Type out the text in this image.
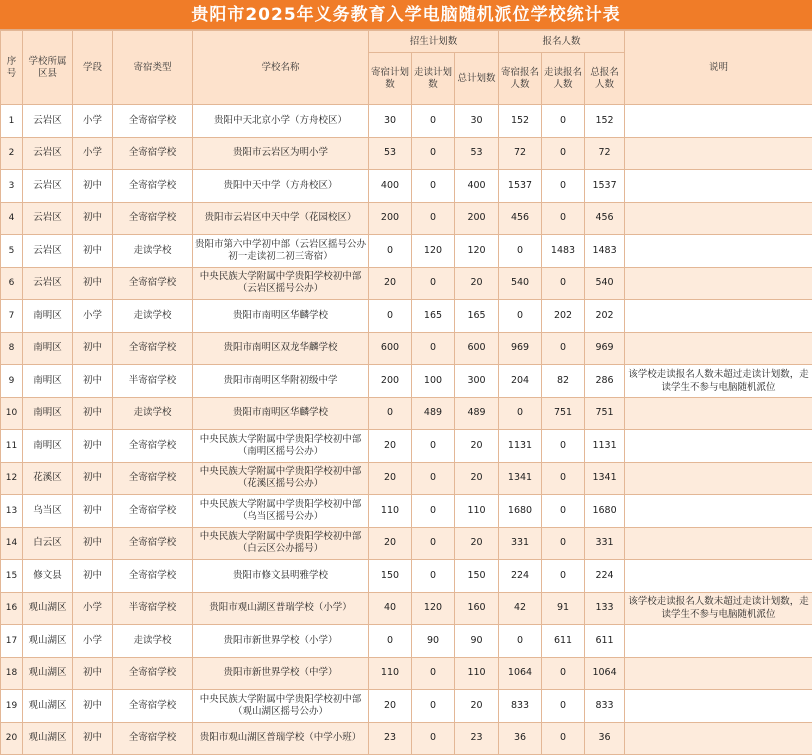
贵阳市2025年义务教育入学电脑随机派位学校统计表
序号	学校所属区县	学段	寄宿类型	学校名称	招生计划数			报名人数			说明
					寄宿计划数	走读计划数	总计划数	寄宿报名人数	走读报名人数	总报名人数	
1	云岩区	小学	全寄宿学校	贵阳中天北京小学（方舟校区）	30	0	30	152	0	152	
2	云岩区	小学	全寄宿学校	贵阳市云岩区为明小学	53	0	53	72	0	72	
3	云岩区	初中	全寄宿学校	贵阳中天中学（方舟校区）	400	0	400	1537	0	1537	
4	云岩区	初中	全寄宿学校	贵阳市云岩区中天中学（花园校区）	200	0	200	456	0	456	
5	云岩区	初中	走读学校	贵阳市第六中学初中部（云岩区摇号公办 初一走读初二初三寄宿）	0	120	120	0	1483	1483	
6	云岩区	初中	全寄宿学校	中央民族大学附属中学贵阳学校初中部（云岩区摇号公办）	20	0	20	540	0	540	
7	南明区	小学	走读学校	贵阳市南明区华麟学校	0	165	165	0	202	202	
8	南明区	初中	全寄宿学校	贵阳市南明区双龙华麟学校	600	0	600	969	0	969	
9	南明区	初中	半寄宿学校	贵阳市南明区华附初级中学	200	100	300	204	82	286	该学校走读报名人数未超过走读计划数，走读学生不参与电脑随机派位
10	南明区	初中	走读学校	贵阳市南明区华麟学校	0	489	489	0	751	751	
11	南明区	初中	全寄宿学校	中央民族大学附属中学贵阳学校初中部（南明区摇号公办）	20	0	20	1131	0	1131	
12	花溪区	初中	全寄宿学校	中央民族大学附属中学贵阳学校初中部（花溪区摇号公办）	20	0	20	1341	0	1341	
13	乌当区	初中	全寄宿学校	中央民族大学附属中学贵阳学校初中部（乌当区摇号公办）	110	0	110	1680	0	1680	
14	白云区	初中	全寄宿学校	中央民族大学附属中学贵阳学校初中部（白云区公办摇号）	20	0	20	331	0	331	
15	修文县	初中	全寄宿学校	贵阳市修文县明雅学校	150	0	150	224	0	224	
16	观山湖区	小学	半寄宿学校	贵阳市观山湖区普瑞学校（小学）	40	120	160	42	91	133	该学校走读报名人数未超过走读计划数，走读学生不参与电脑随机派位
17	观山湖区	小学	走读学校	贵阳市新世界学校（小学）	0	90	90	0	611	611	
18	观山湖区	初中	全寄宿学校	贵阳市新世界学校（中学）	110	0	110	1064	0	1064	
19	观山湖区	初中	全寄宿学校	中央民族大学附属中学贵阳学校初中部（观山湖区摇号公办）	20	0	20	833	0	833	
20	观山湖区	初中	全寄宿学校	贵阳市观山湖区普瑞学校（中学小班）	23	0	23	36	0	36	
